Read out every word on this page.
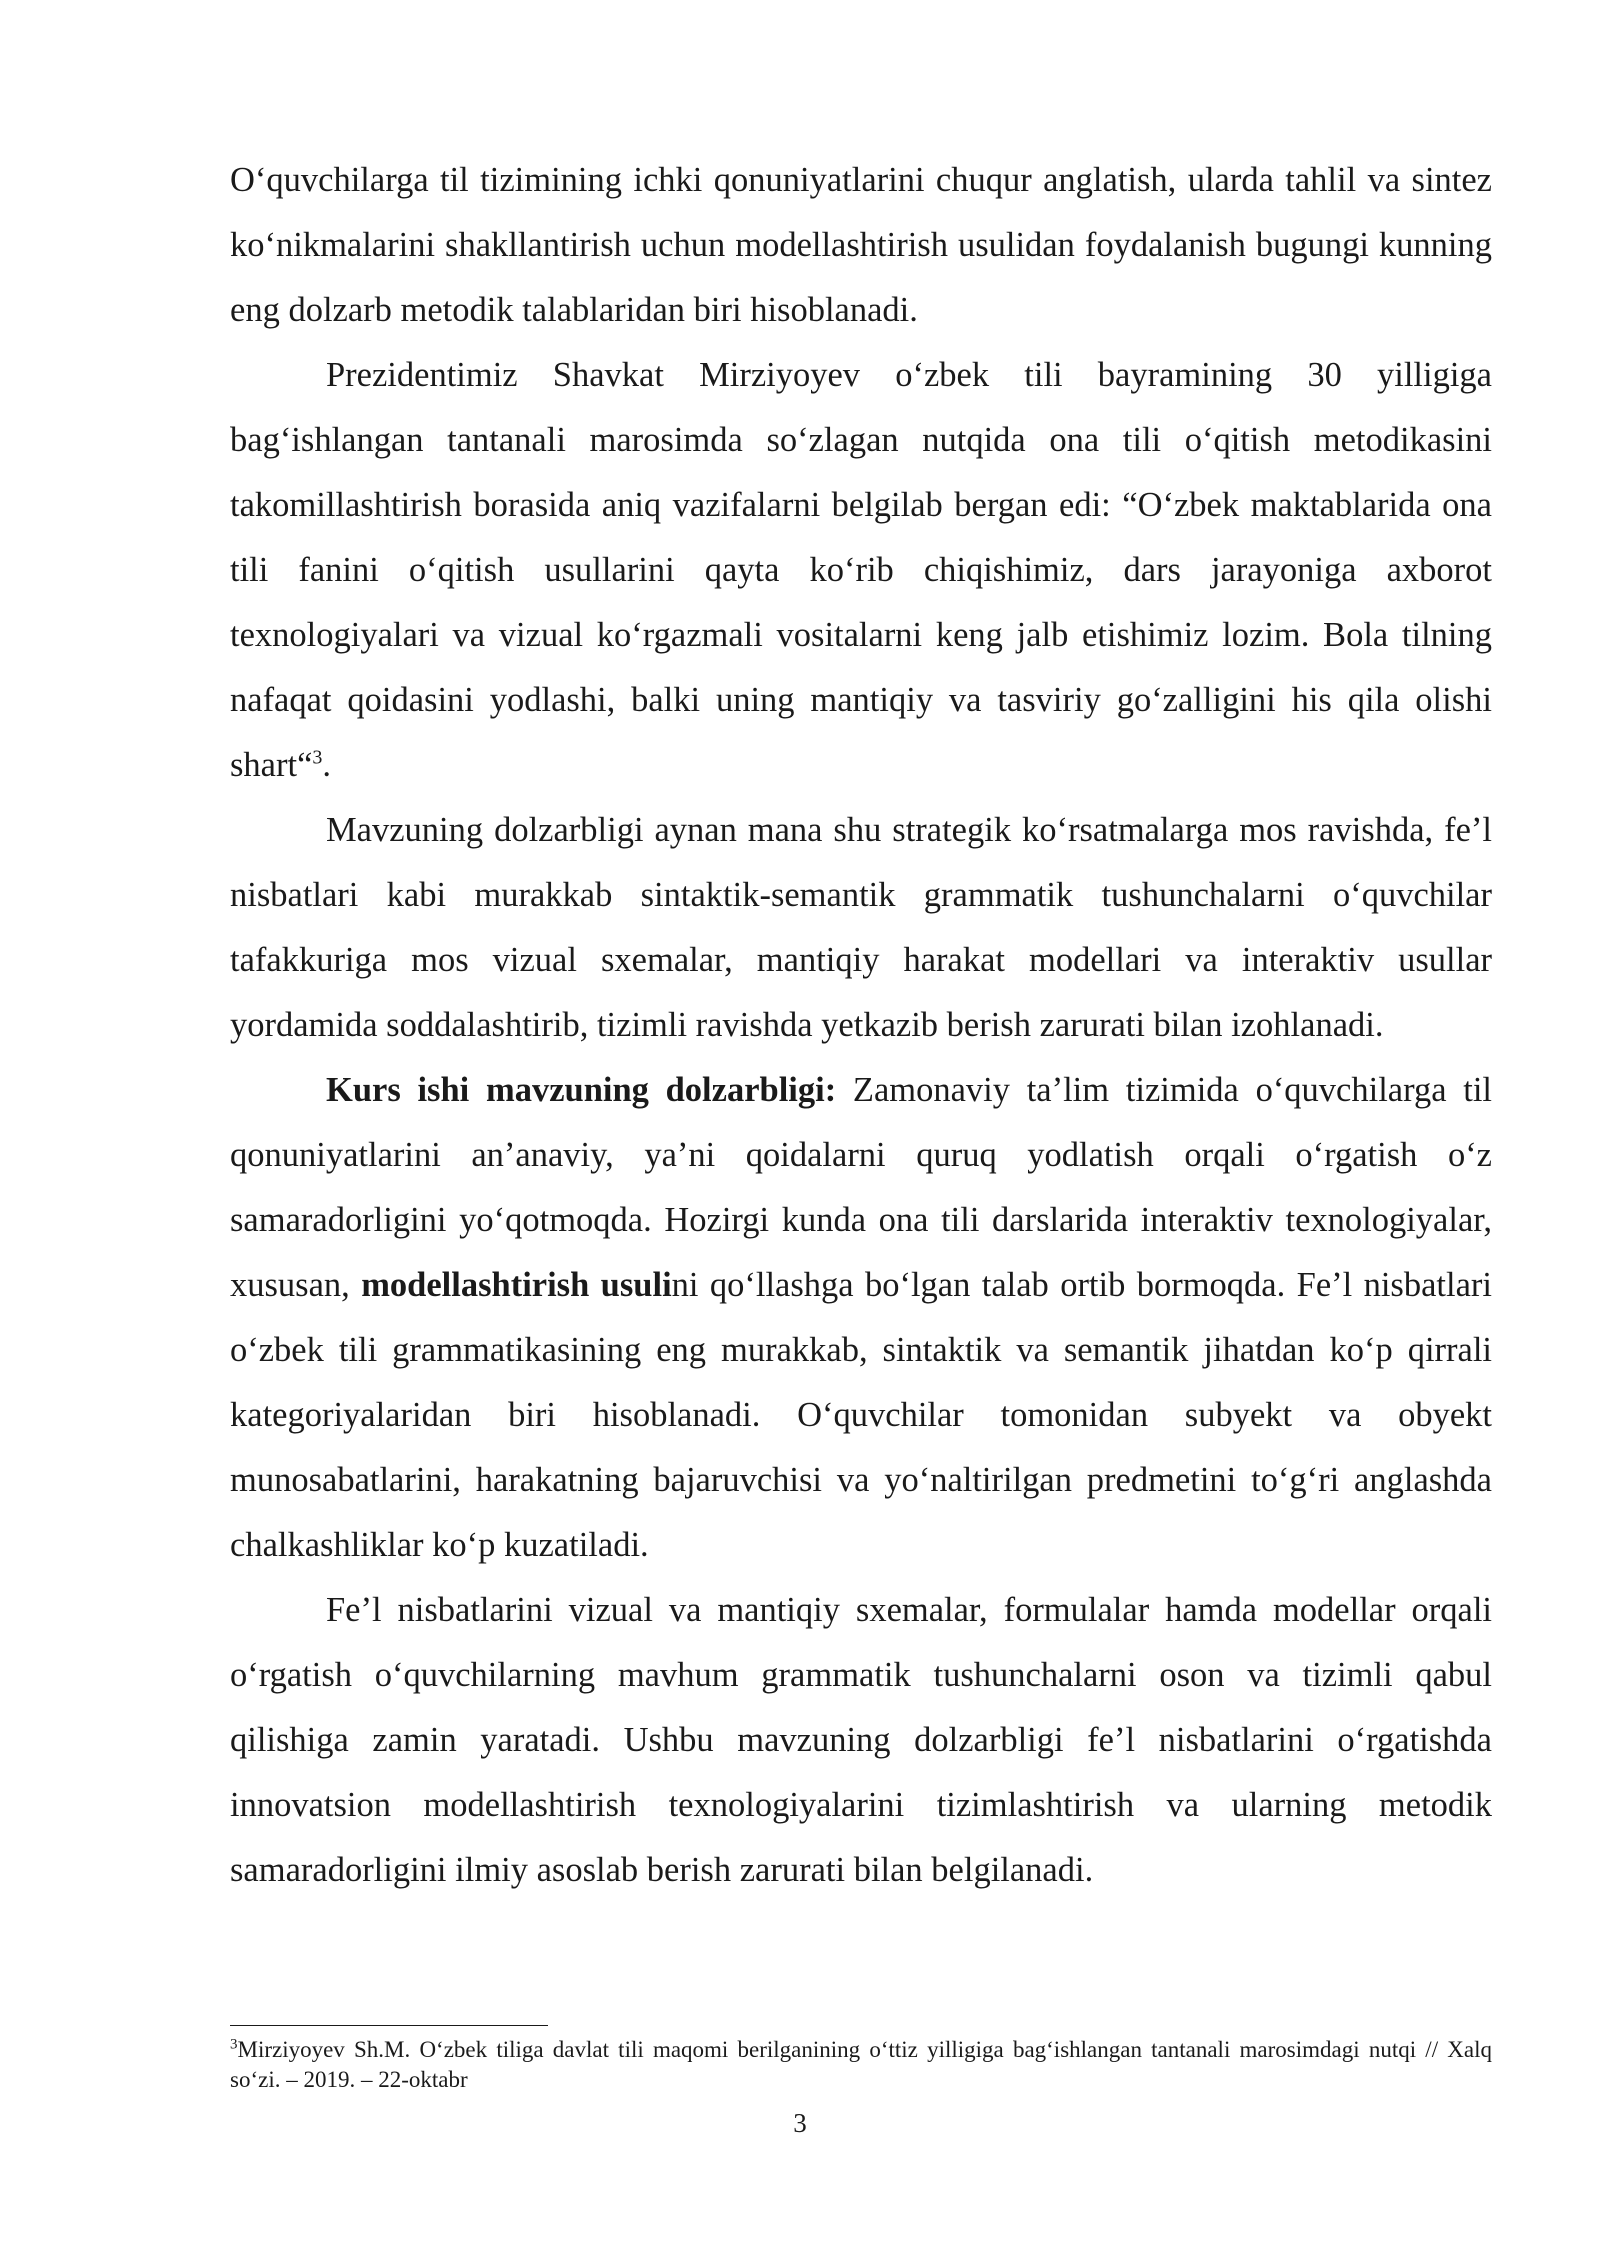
Oʻquvchilarga til tizimining ichki qonuniyatlarini chuqur anglatish, ularda tahlil va sintez koʻnikmalarini shakllantirish uchun modellashtirish usulidan foydalanish bugungi kunning eng dolzarb metodik talablaridan biri hisoblanadi.

Prezidentimiz Shavkat Mirziyoyev oʻzbek tili bayramining 30 yilligiga bagʻishlangan tantanali marosimda soʻzlagan nutqida ona tili oʻqitish metodikasini takomillashtirish borasida aniq vazifalarni belgilab bergan edi: “Oʻzbek maktablarida ona tili fanini oʻqitish usullarini qayta koʻrib chiqishimiz, dars jarayoniga axborot texnologiyalari va vizual koʻrgazmali vositalarni keng jalb etishimiz lozim. Bola tilning nafaqat qoidasini yodlashi, balki uning mantiqiy va tasviriy goʻzalligini his qila olishi shart“$^3$.

Mavzuning dolzarbligi aynan mana shu strategik koʻrsatmalarga mos ravishda, feʼl nisbatlari kabi murakkab sintaktik-semantik grammatik tushunchalarni oʻquvchilar tafakkuriga mos vizual sxemalar, mantiqiy harakat modellari va interaktiv usullar yordamida soddalashtirib, tizimli ravishda yetkazib berish zarurati bilan izohlanadi.

Kurs ishi mavzuning dolzarbligi: Zamonaviy taʼlim tizimida oʻquvchilarga til qonuniyatlarini anʼanaviy, yaʼni qoidalarni quruq yodlatish orqali oʻrgatish oʻz samaradorligini yoʻqotmoqda. Hozirgi kunda ona tili darslarida interaktiv texnologiyalar, xususan, modellashtirish usulini qoʻllashga boʻlgan talab ortib bormoqda. Feʼl nisbatlari oʻzbek tili grammatikasining eng murakkab, sintaktik va semantik jihatdan koʻp qirrali kategoriyalaridan biri hisoblanadi. Oʻquvchilar tomonidan subyekt va obyekt munosabatlarini, harakatning bajaruvchisi va yoʻnaltirilgan predmetini toʻgʻri anglashda chalkashliklar koʻp kuzatiladi.

Feʼl nisbatlarini vizual va mantiqiy sxemalar, formulalar hamda modellar orqali oʻrgatish oʻquvchilarning mavhum grammatik tushunchalarni oson va tizimli qabul qilishiga zamin yaratadi. Ushbu mavzuning dolzarbligi feʼl nisbatlarini oʻrgatishda innovatsion modellashtirish texnologiyalarini tizimlashtirish va ularning metodik samaradorligini ilmiy asoslab berish zarurati bilan belgilanadi.

$^3$Mirziyoyev Sh.M. Oʻzbek tiliga davlat tili maqomi berilganining oʻttiz yilligiga bagʻishlangan tantanali marosimdagi nutqi // Xalq soʻzi. – 2019. – 22-oktabr
3
